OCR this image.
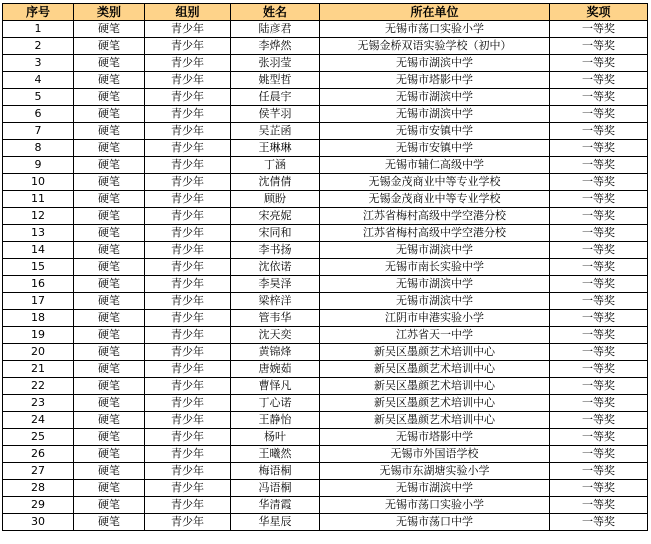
序号	类别	组别	姓名	所在单位	奖项
1	硬笔	青少年	陆彦君	无锡市荡口实验小学	一等奖
2	硬笔	青少年	李烨然	无锡金桥双语实验学校（初中）	一等奖
3	硬笔	青少年	张羽莹	无锡市湖滨中学	一等奖
4	硬笔	青少年	姚型哲	无锡市塔影中学	一等奖
5	硬笔	青少年	任晨宇	无锡市湖滨中学	一等奖
6	硬笔	青少年	侯芊羽	无锡市湖滨中学	一等奖
7	硬笔	青少年	吴芷函	无锡市安镇中学	一等奖
8	硬笔	青少年	王琳琳	无锡市安镇中学	一等奖
9	硬笔	青少年	丁涵	无锡市辅仁高级中学	一等奖
10	硬笔	青少年	沈倩倩	无锡金茂商业中等专业学校	一等奖
11	硬笔	青少年	顾盼	无锡金茂商业中等专业学校	一等奖
12	硬笔	青少年	宋亮妮	江苏省梅村高级中学空港分校	一等奖
13	硬笔	青少年	宋同和	江苏省梅村高级中学空港分校	一等奖
14	硬笔	青少年	李书扬	无锡市湖滨中学	一等奖
15	硬笔	青少年	沈依诺	无锡市南长实验中学	一等奖
16	硬笔	青少年	李昊泽	无锡市湖滨中学	一等奖
17	硬笔	青少年	梁梓洋	无锡市湖滨中学	一等奖
18	硬笔	青少年	管韦华	江阴市申港实验小学	一等奖
19	硬笔	青少年	沈天奕	江苏省天一中学	一等奖
20	硬笔	青少年	黄锦烽	新吴区墨颜艺术培训中心	一等奖
21	硬笔	青少年	唐婉茹	新吴区墨颜艺术培训中心	一等奖
22	硬笔	青少年	曹怿凡	新吴区墨颜艺术培训中心	一等奖
23	硬笔	青少年	丁心诺	新吴区墨颜艺术培训中心	一等奖
24	硬笔	青少年	王静怡	新吴区墨颜艺术培训中心	一等奖
25	硬笔	青少年	杨叶	无锡市塔影中学	一等奖
26	硬笔	青少年	王曦然	无锡市外国语学校	一等奖
27	硬笔	青少年	梅语桐	无锡市东湖塘实验小学	一等奖
28	硬笔	青少年	冯语桐	无锡市湖滨中学	一等奖
29	硬笔	青少年	华清霞	无锡市荡口实验小学	一等奖
30	硬笔	青少年	华星辰	无锡市荡口中学	一等奖
